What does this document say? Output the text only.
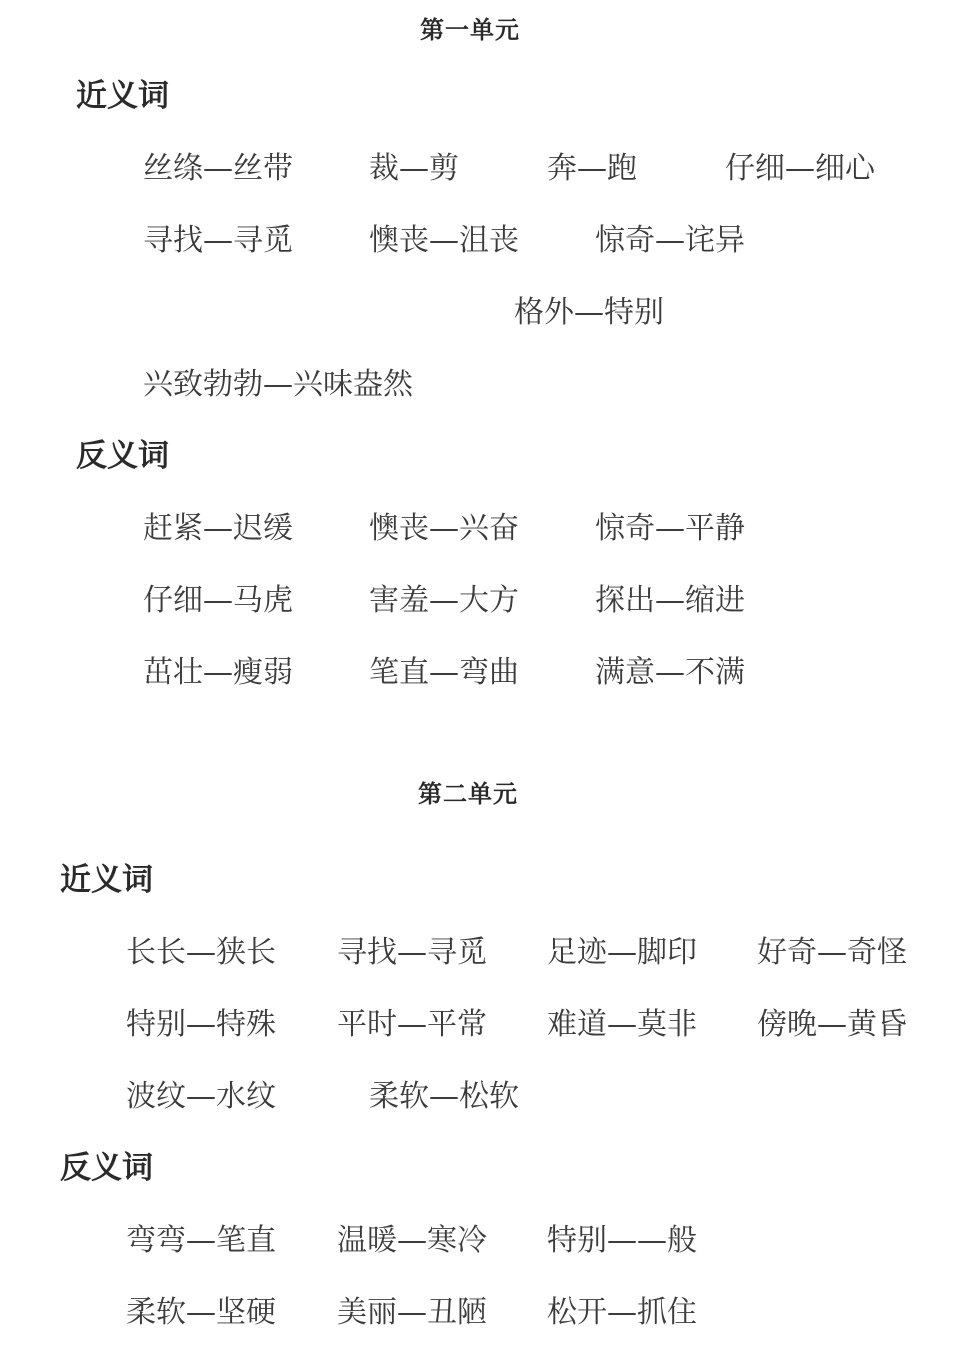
第一单元
近义词
丝绦—丝带	裁—剪	奔—跑	仔细—细心
寻找—寻觅	懊丧—沮丧	惊奇—诧异
格外—特别
兴致勃勃—兴味盎然
反义词
赶紧—迟缓	懊丧—兴奋	惊奇—平静
仔细—马虎	害羞—大方	探出—缩进
茁壮—瘦弱	笔直—弯曲	满意—不满
第二单元
近义词
长长—狭长 寻找—寻觅 足迹—脚印 好奇—奇怪
特别—特殊 平时—平常 难道—莫非 傍晚—黄昏
波纹—水纹	柔软—松软
反义词
弯弯—笔直 温暖—寒冷 特别——般
柔软—坚硬 美丽—丑陋 松开—抓住
